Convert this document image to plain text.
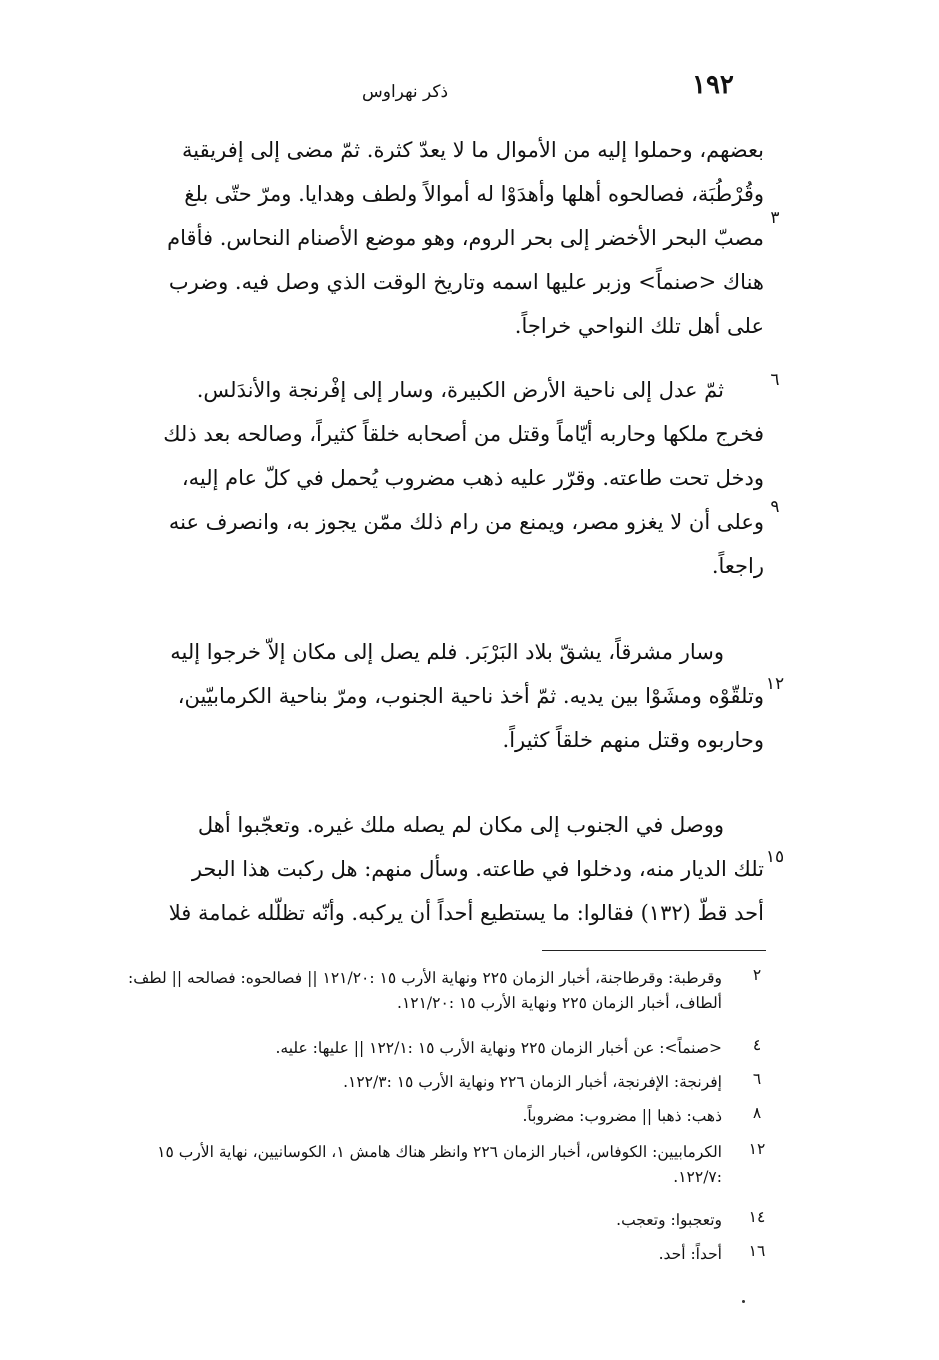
١٩٢
ذكر نهراوس
بعضهم، وحملوا إليه من الأموال ما لا يعدّ كثرة. ثمّ مضى إلى إفريقية
وقُرْطُبَة، فصالحوه أهلها وأهدَوْا له أموالاً ولطف وهدايا. ومرّ حتّى بلغ
مصبّ البحر الأخضر إلى بحر الروم، وهو موضع الأصنام النحاس. فأقام
هناك <صنماً> وزبر عليها اسمه وتاريخ الوقت الذي وصل فيه. وضرب
على أهل تلك النواحي خراجاً.
ثمّ عدل إلى ناحية الأرض الكبيرة، وسار إلى إفْرنجة والأندَلس.
فخرج ملكها وحاربه أيّاماً وقتل من أصحابه خلقاً كثيراً، وصالحه بعد ذلك
ودخل تحت طاعته. وقرّر عليه ذهب مضروب يُحمل في كلّ عام إليه،
وعلى أن لا يغزو مصر، ويمنع من رام ذلك ممّن يجوز به، وانصرف عنه
راجعاً.
وسار مشرقاً، يشقّ بلاد البَرْبَر. فلم يصل إلى مكان إلاّ خرجوا إليه
وتلقّوْه ومشَوْا بين يديه. ثمّ أخذ ناحية الجنوب، ومرّ بناحية الكرمابيّين،
وحاربوه وقتل منهم خلقاً كثيراً.
ووصل في الجنوب إلى مكان لم يصله ملك غيره. وتعجّبوا أهل
تلك الديار منه، ودخلوا في طاعته. وسأل منهم: هل ركبت هذا البحر
أحد قطّ (١٣٢) فقالوا: ما يستطيع أحداً أن يركبه. وأنّه تظلّله غمامة فلا
٣
٦
٩
١٢
١٥
٢
وقرطبة: وقرطاجنة، أخبار الزمان ٢٢٥ ونهاية الأرب ١٥ :١٢١/٢٠ || فصالحوه: فصالحه || لطف: ألطاف، أخبار الزمان ٢٢٥ ونهاية الأرب ١٥ :١٢١/٢٠.
٤
<صنماً>: عن أخبار الزمان ٢٢٥ ونهاية الأرب ١٥ :١٢٢/١ || عليها: عليه.
٦
إفرنجة: الإفرنجة، أخبار الزمان ٢٢٦ ونهاية الأرب ١٥ :١٢٢/٣.
٨
ذهب: ذهبا || مضروب: مضروباً.
١٢
الكرمابيين: الكوفاس، أخبار الزمان ٢٢٦ وانظر هناك هامش ١، الكوسانيين، نهاية الأرب ١٥ :١٢٢/٧.
١٤
وتعجبوا: وتعجب.
١٦
أحداً: أحد.
